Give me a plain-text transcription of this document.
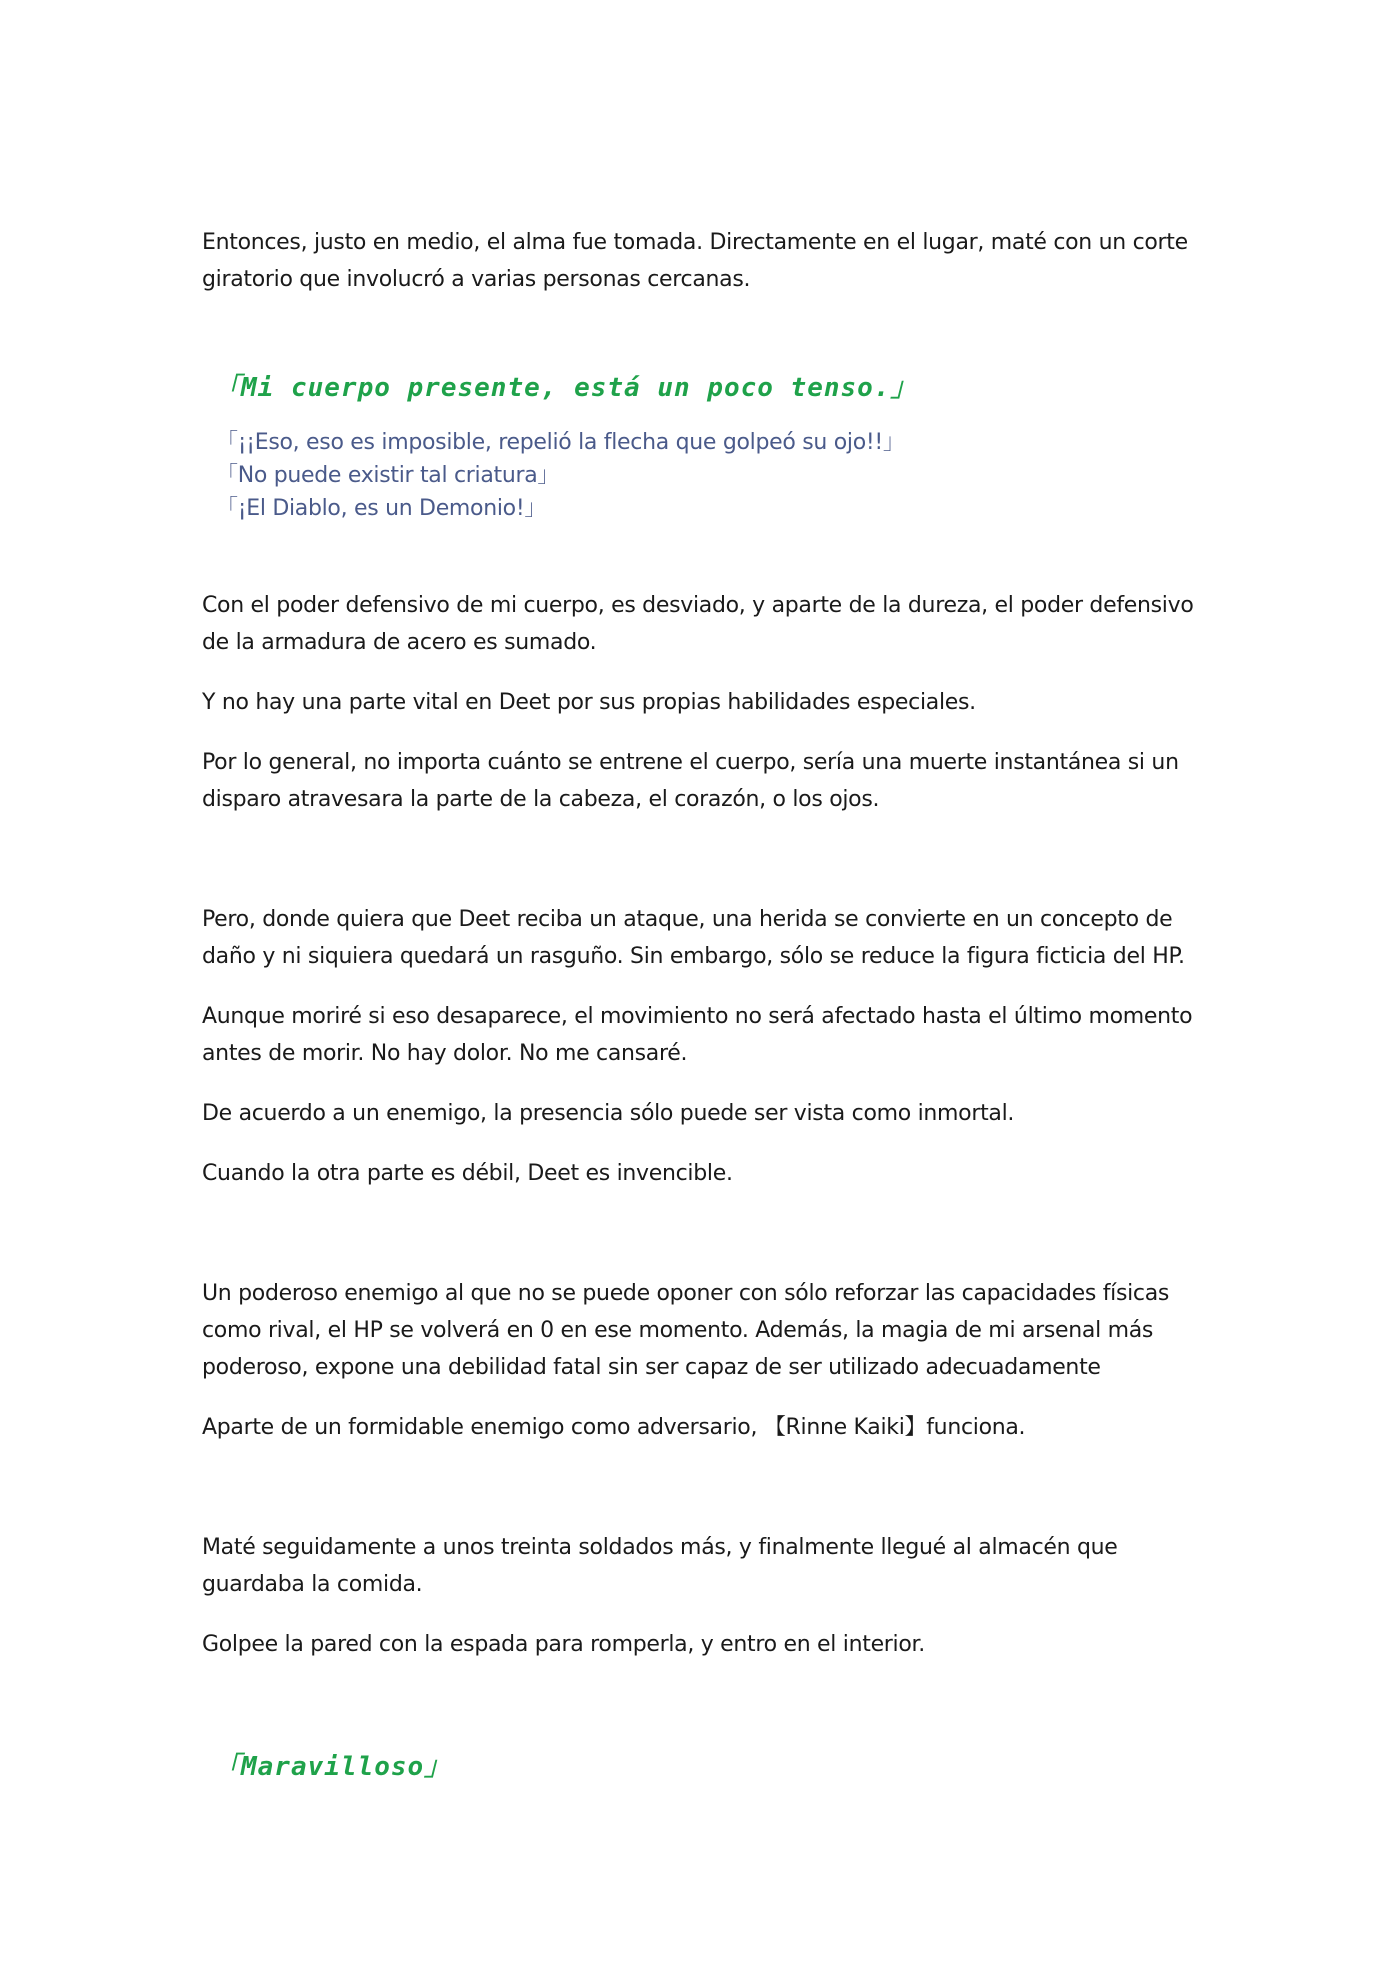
Entonces, justo en medio, el alma fue tomada. Directamente en el lugar, maté con un corte giratorio que involucró a varias personas cercanas.

「Mi cuerpo presente, está un poco tenso.」

「¡¡Eso, eso es imposible, repelió la flecha que golpeó su ojo!!」

「No puede existir tal criatura」

「¡El Diablo, es un Demonio!」

Con el poder defensivo de mi cuerpo, es desviado, y aparte de la dureza, el poder defensivo de la armadura de acero es sumado.

Y no hay una parte vital en Deet por sus propias habilidades especiales.

Por lo general, no importa cuánto se entrene el cuerpo, sería una muerte instantánea si un disparo atravesara la parte de la cabeza, el corazón, o los ojos.

Pero, donde quiera que Deet reciba un ataque, una herida se convierte en un concepto de daño y ni siquiera quedará un rasguño. Sin embargo, sólo se reduce la figura ficticia del HP.

Aunque moriré si eso desaparece, el movimiento no será afectado hasta el último momento antes de morir. No hay dolor. No me cansaré.

De acuerdo a un enemigo, la presencia sólo puede ser vista como inmortal.

Cuando la otra parte es débil, Deet es invencible.

Un poderoso enemigo al que no se puede oponer con sólo reforzar las capacidades físicas como rival, el HP se volverá en 0 en ese momento. Además, la magia de mi arsenal más poderoso, expone una debilidad fatal sin ser capaz de ser utilizado adecuadamente

Aparte de un formidable enemigo como adversario, 【Rinne Kaiki】funciona.

Maté seguidamente a unos treinta soldados más, y finalmente llegué al almacén que guardaba la comida.

Golpee la pared con la espada para romperla, y entro en el interior.

「Maravilloso」
